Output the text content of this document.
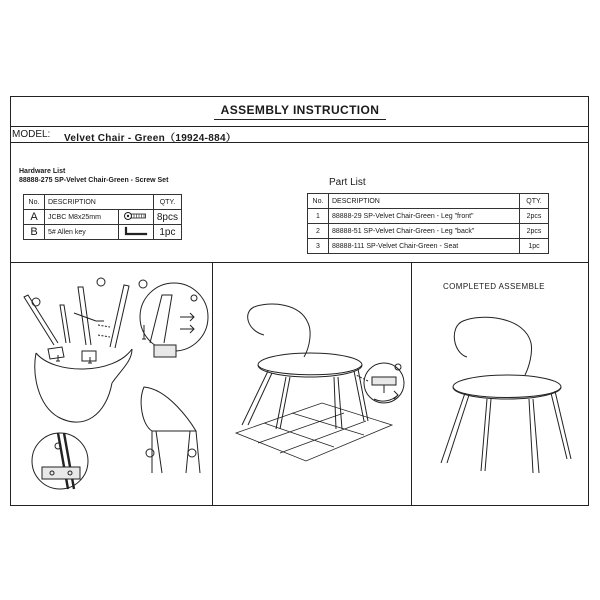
ASSEMBLY INSTRUCTION
MODEL: Velvet Chair - Green（19924-884）
Hardware List
88888-275 SP-Velvet Chair-Green - Screw Set
No.	DESCRIPTION		QTY.
A	JCBC M8x25mm		8pcs
B	5# Allen key		1pc
Part List
No.	DESCRIPTION	QTY.
1	88888-29 SP-Velvet Chair-Green - Leg "front"	2pcs
2	88888-51 SP-Velvet Chair-Green - Leg "back"	2pcs
3	88888-111 SP-Velvet Chair-Green - Seat	1pc
COMPLETED ASSEMBLE
